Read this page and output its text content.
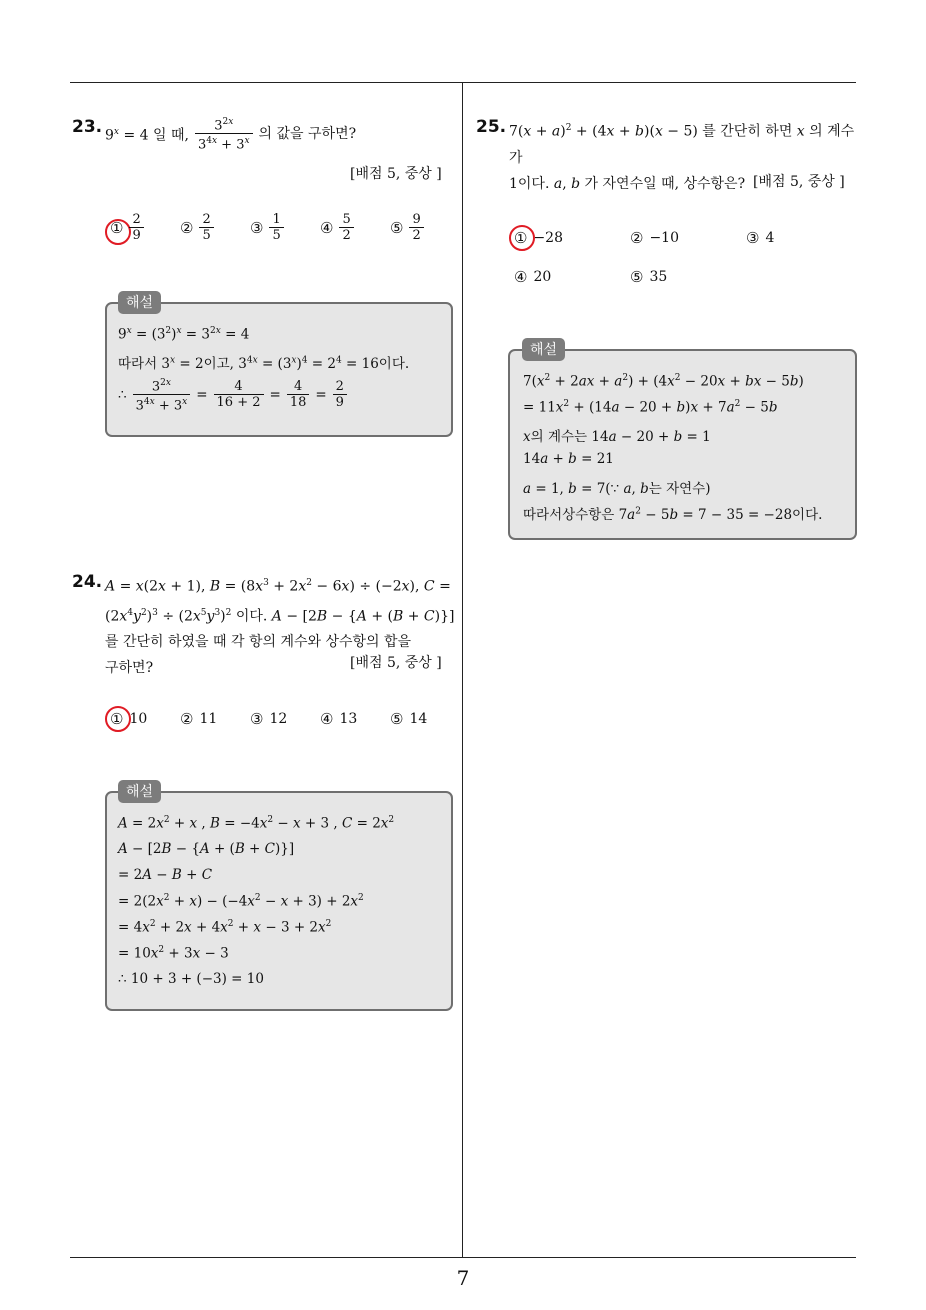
23. $9^x = 4$ 일 때, $\frac{3^{2x}}{3^{4x} + 3^x}$ 의 값을 구하면?
[배점 5, 중상 ]
① $\frac{2}{9}$ ② $\frac{2}{5}$ ③ $\frac{1}{5}$ ④ $\frac{5}{2}$ ⑤ $\frac{9}{2}$
$9^x = (3^2)^x = 3^{2x} = 4$
따라서 $3^x = 2$이고, $3^{4x} = (3^x)^4 = 2^4 = 16$이다.
∴ $\frac{3^{2x}}{3^{4x} + 3^x} = \frac{4}{16 + 2} = \frac{4}{18} = \frac{2}{9}$
해설
24. A = x(2x + 1), $B = (8x^3 + 2x^2 - 6x) \div (-2x)$, C =
$(2x^4y^2)^3 \div (2x^5y^3)^2$ 이다. A − [2B − {A + (B + C)}]
를 간단히 하였을 때 각 항의 계수와 상수항의 합을
구하면?	[배점 5, 중상 ]
① 10 ② 11 ③ 12 ④ 13 ⑤ 14
$A = 2x^2 + x$ , $B = -4x^2 - x + 3$ , $C = 2x^2$
A − [2B − {A + (B + C)}]
= 2A − B + C
= $2(2x^2 + x) - (-4x^2 - x + 3) + 2x^2$
= $4x^2 + 2x + 4x^2 + x - 3 + 2x^2$
= $10x^2 + 3x - 3$
∴ 10 + 3 + (−3) = 10
해설
25. $7(x + a)^2 + (4x + b)(x - 5)$ 를 간단히 하면 x 의 계수가
1이다. a, b 가 자연수일 때, 상수항은? [배점 5, 중상 ]
① −28	② −10	③ 4
④ 20	⑤ 35
$7(x^2 + 2ax + a^2) + (4x^2 - 20x$ + bx − 5b)
= $11x^2 + (14a - 20 + b)x + 7a^2 - 5b$
x의 계수는 14a − 20 + b = 1
14a + b = 21
a = 1, b = 7(∵ a, b는 자연수)
따라서상수항은 $7a^2 - 5b = 7 - 35 = -28$이다.
해설
7
